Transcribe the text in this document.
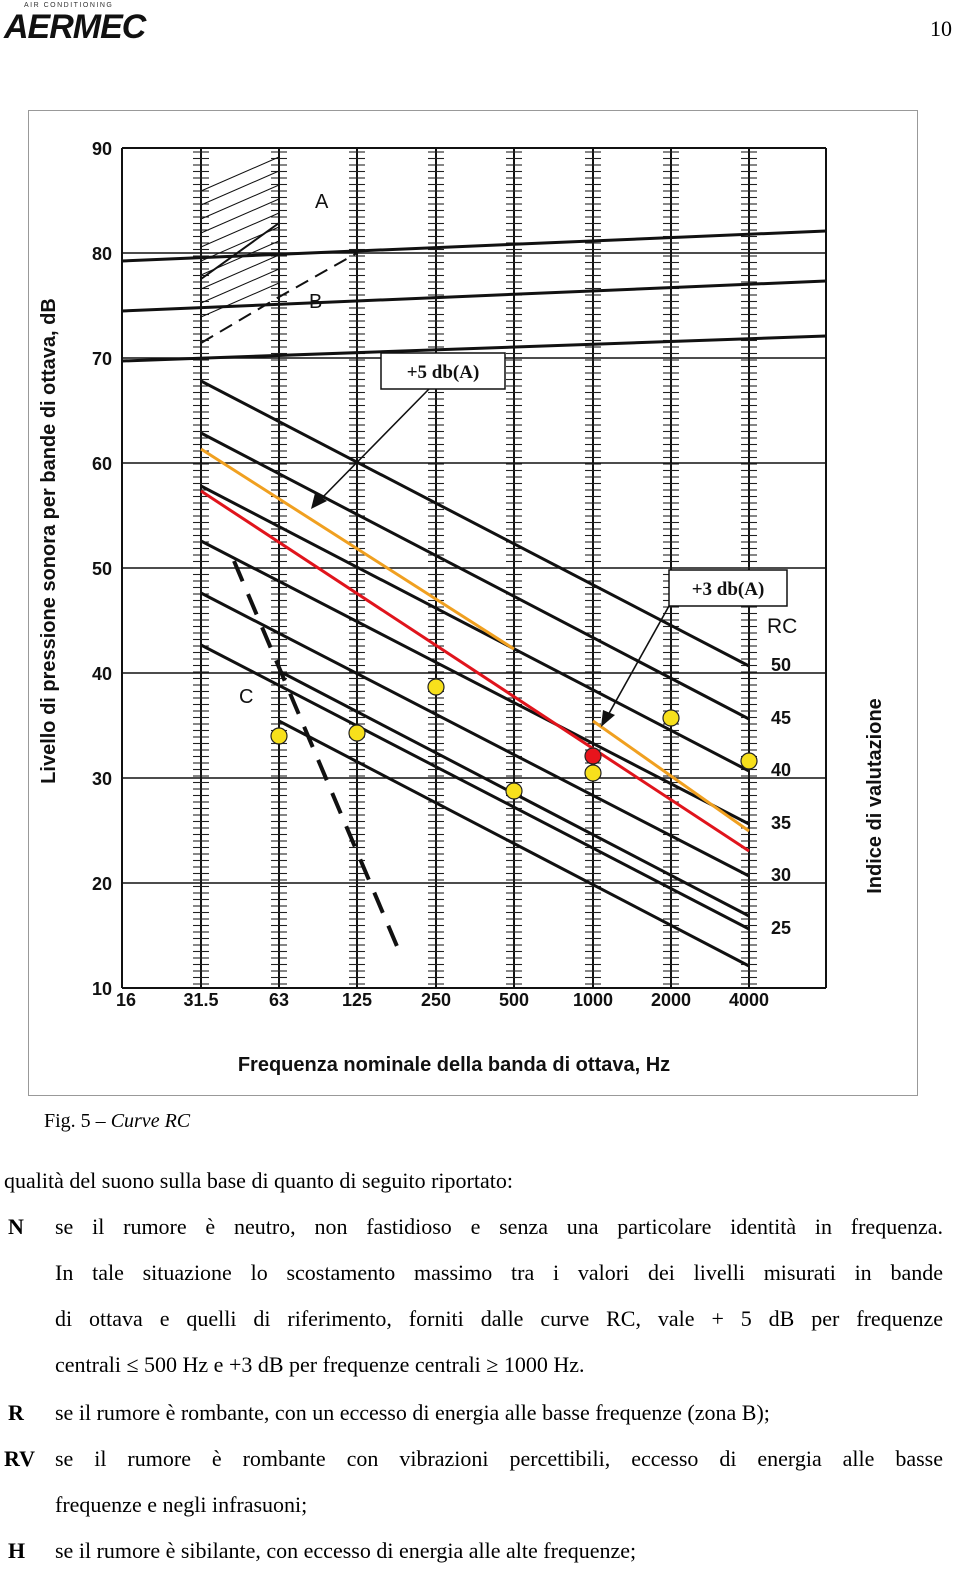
AIR CONDITIONING
AERMEC	10
+5 db(A)
+3 db(A)
90
80
70
60
50
40
30
20
10
16	31.5	63	125	250	500 1000 2000 4000
A
B
C
RC
50
45
40
35
30
25
Livello di pressione sonora per bande di ottava, dB
Frequenza nominale della banda di ottava, Hz
Indice di valutazione
Fig. 5 – Curve RC
qualità del suono sulla base di quanto di seguito riportato:
N se il rumore è neutro, non fastidioso e senza una particolare identità in frequenza.
In tale situazione lo scostamento massimo tra i valori dei livelli misurati in bande
di ottava e quelli di riferimento, forniti dalle curve RC, vale + 5 dB per frequenze
centrali ≤ 500 Hz e +3 dB per frequenze centrali ≥ 1000 Hz.
R se il rumore è rombante, con un eccesso di energia alle basse frequenze (zona B);
RV se il rumore è rombante con vibrazioni percettibili, eccesso di energia alle basse
frequenze e negli infrasuoni;
H se il rumore è sibilante, con eccesso di energia alle alte frequenze;
